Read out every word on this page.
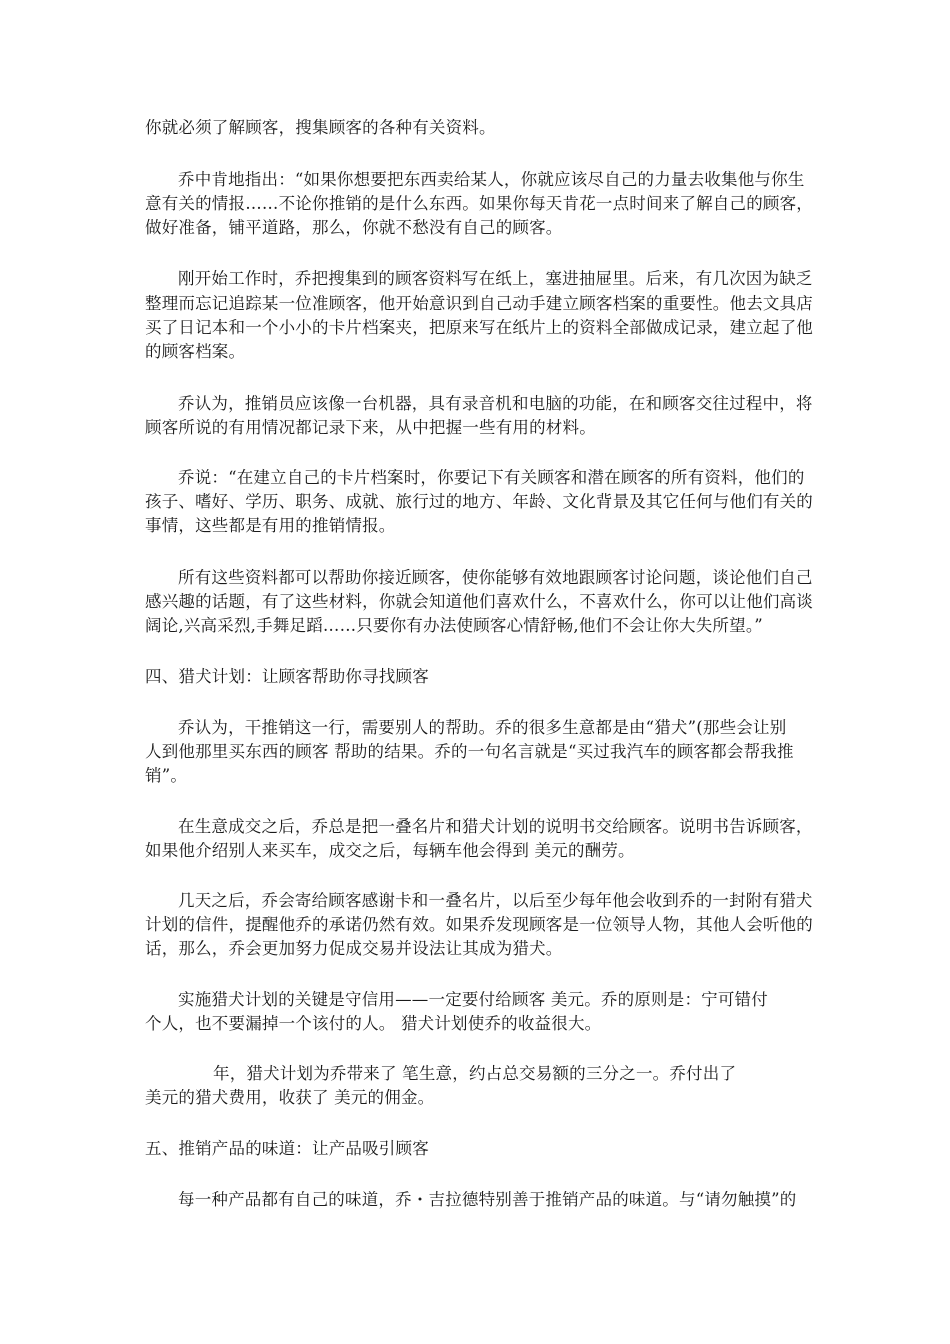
你就必须了解顾客，搜集顾客的各种有关资料。

乔中肯地指出：“如果你想要把东西卖给某人，你就应该尽自己的力量去收集他与你生

意有关的情报……不论你推销的是什么东西。如果你每天肯花一点时间来了解自己的顾客，

做好准备，铺平道路，那么，你就不愁没有自己的顾客。

刚开始工作时，乔把搜集到的顾客资料写在纸上，塞进抽屉里。后来，有几次因为缺乏

整理而忘记追踪某一位准顾客，他开始意识到自己动手建立顾客档案的重要性。他去文具店

买了日记本和一个小小的卡片档案夹，把原来写在纸片上的资料全部做成记录，建立起了他

的顾客档案。

乔认为，推销员应该像一台机器，具有录音机和电脑的功能，在和顾客交往过程中，将

顾客所说的有用情况都记录下来，从中把握一些有用的材料。

乔说：“在建立自己的卡片档案时，你要记下有关顾客和潜在顾客的所有资料，他们的

孩子、嗜好、学历、职务、成就、旅行过的地方、年龄、文化背景及其它任何与他们有关的

事情，这些都是有用的推销情报。

所有这些资料都可以帮助你接近顾客，使你能够有效地跟顾客讨论问题，谈论他们自己

感兴趣的话题，有了这些材料，你就会知道他们喜欢什么，不喜欢什么，你可以让他们高谈

阔论,兴高采烈,手舞足蹈……只要你有办法使顾客心情舒畅,他们不会让你大失所望。”

四、猎犬计划：让顾客帮助你寻找顾客

乔认为，干推销这一行，需要别人的帮助。乔的很多生意都是由“猎犬”(那些会让别

人到他那里买东西的顾客 帮助的结果。乔的一句名言就是“买过我汽车的顾客都会帮我推

销”。

在生意成交之后，乔总是把一叠名片和猎犬计划的说明书交给顾客。说明书告诉顾客，

如果他介绍别人来买车，成交之后，每辆车他会得到 美元的酬劳。

几天之后，乔会寄给顾客感谢卡和一叠名片，以后至少每年他会收到乔的一封附有猎犬

计划的信件，提醒他乔的承诺仍然有效。如果乔发现顾客是一位领导人物，其他人会听他的

话，那么，乔会更加努力促成交易并设法让其成为猎犬。

实施猎犬计划的关键是守信用——一定要付给顾客 美元。乔的原则是：宁可错付

个人，也不要漏掉一个该付的人。 猎犬计划使乔的收益很大。

年，猎犬计划为乔带来了 笔生意，约占总交易额的三分之一。乔付出了

美元的猎犬费用，收获了 美元的佣金。

五、推销产品的味道：让产品吸引顾客

每一种产品都有自己的味道，乔・吉拉德特别善于推销产品的味道。与“请勿触摸”的
